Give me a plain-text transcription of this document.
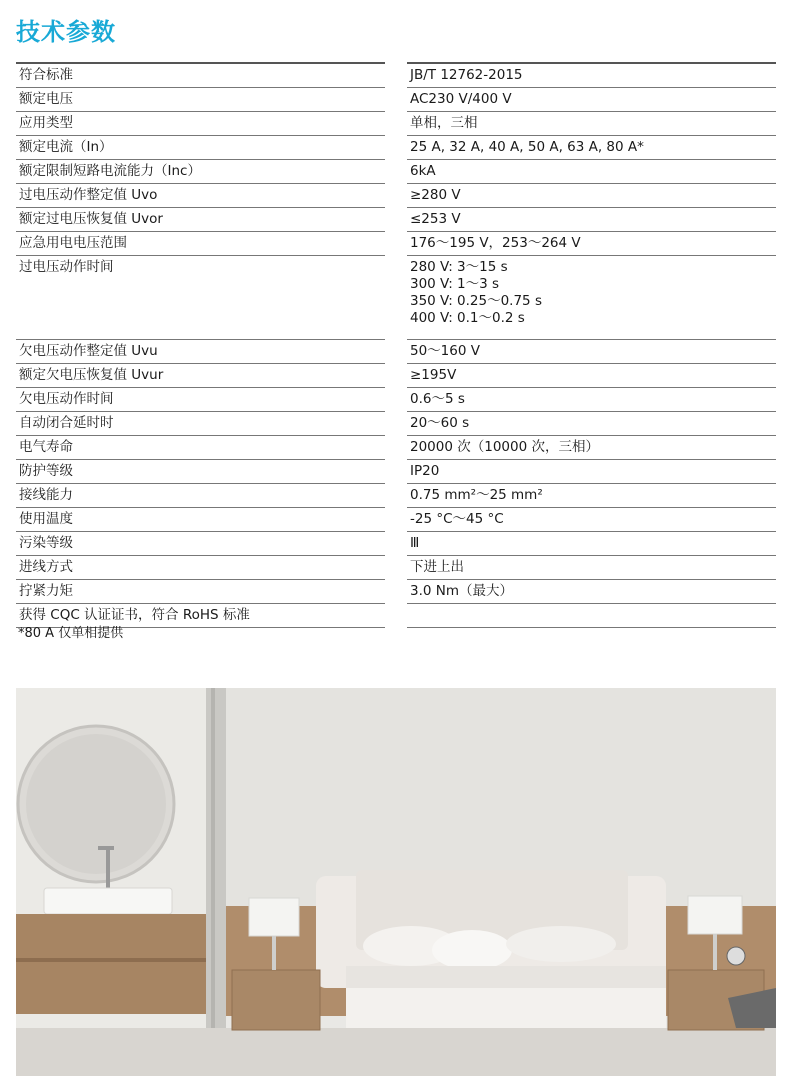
技术参数
符合标准	JB/T 12762-2015
额定电压	AC230 V/400 V
应用类型	单相，三相
额定电流（In）	25 A, 32 A, 40 A, 50 A, 63 A, 80 A*
额定限制短路电流能力（Inc）	6kA
过电压动作整定值 Uvo	≥280 V
额定过电压恢复值 Uvor	≤253 V
应急用电电压范围	176～195 V，253～264 V
过电压动作时间	280 V: 3～15 s
300 V: 1～3 s
350 V: 0.25～0.75 s
400 V: 0.1～0.2 s
欠电压动作整定值 Uvu	50～160 V
额定欠电压恢复值 Uvur	≥195V
欠电压动作时间	0.6～5 s
自动闭合延时时	20～60 s
电气寿命	20000 次（10000 次，三相）
防护等级	IP20
接线能力	0.75 mm²～25 mm²
使用温度	-25 °C～45 °C
污染等级	Ⅲ
进线方式	下进上出
拧紧力矩	3.0 Nm（最大）
获得 CQC 认证证书，符合 RoHS 标准
*80 A 仅单相提供
